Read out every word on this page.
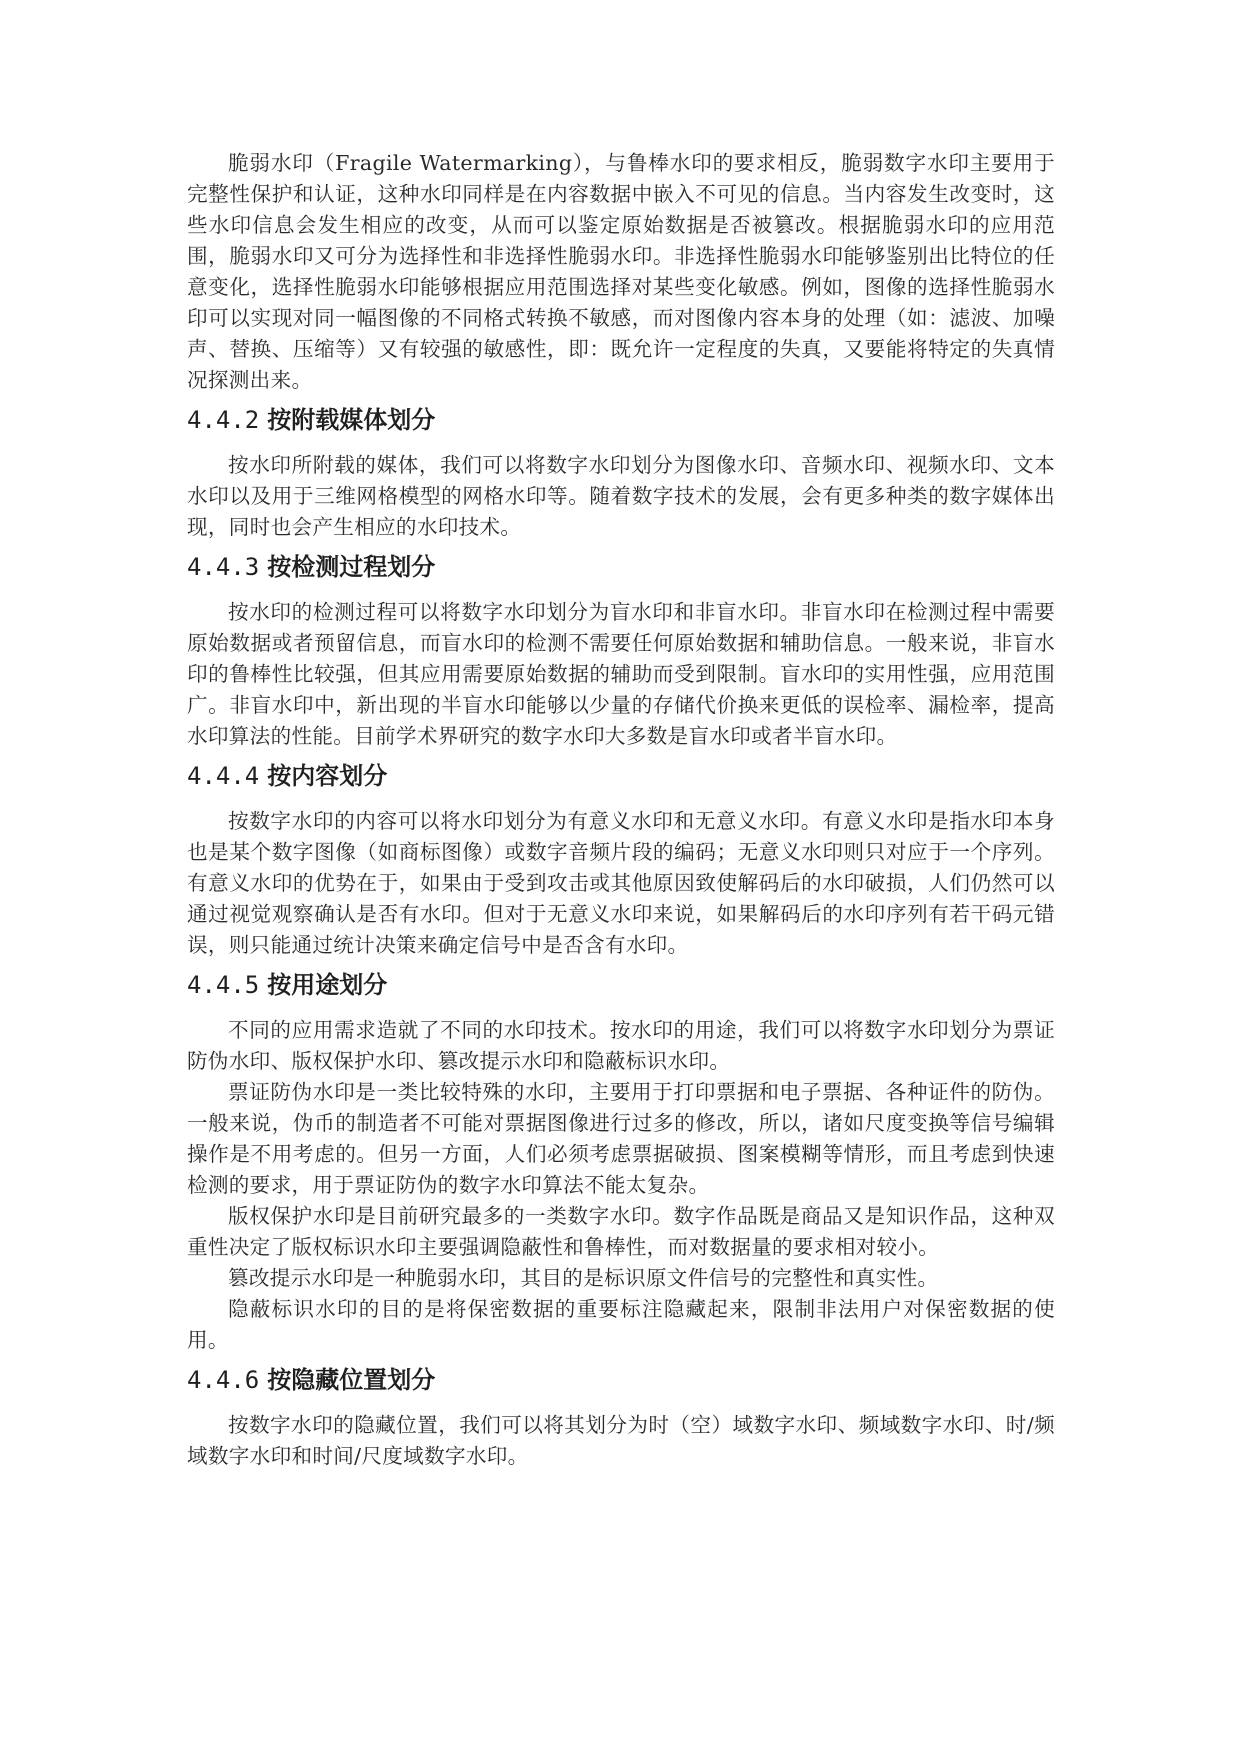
脆弱水印（Fragile Watermarking），与鲁棒水印的要求相反，脆弱数字水印主要用于完整性保护和认证，这种水印同样是在内容数据中嵌入不可见的信息。当内容发生改变时，这些水印信息会发生相应的改变，从而可以鉴定原始数据是否被篡改。根据脆弱水印的应用范围，脆弱水印又可分为选择性和非选择性脆弱水印。非选择性脆弱水印能够鉴别出比特位的任意变化，选择性脆弱水印能够根据应用范围选择对某些变化敏感。例如，图像的选择性脆弱水印可以实现对同一幅图像的不同格式转换不敏感，而对图像内容本身的处理（如：滤波、加噪声、替换、压缩等）又有较强的敏感性，即：既允许一定程度的失真，又要能将特定的失真情况探测出来。

4.4.2 按附载媒体划分

按水印所附载的媒体，我们可以将数字水印划分为图像水印、音频水印、视频水印、文本水印以及用于三维网格模型的网格水印等。随着数字技术的发展，会有更多种类的数字媒体出现，同时也会产生相应的水印技术。

4.4.3 按检测过程划分

按水印的检测过程可以将数字水印划分为盲水印和非盲水印。非盲水印在检测过程中需要原始数据或者预留信息，而盲水印的检测不需要任何原始数据和辅助信息。一般来说，非盲水印的鲁棒性比较强，但其应用需要原始数据的辅助而受到限制。盲水印的实用性强，应用范围广。非盲水印中，新出现的半盲水印能够以少量的存储代价换来更低的误检率、漏检率，提高水印算法的性能。目前学术界研究的数字水印大多数是盲水印或者半盲水印。

4.4.4 按内容划分

按数字水印的内容可以将水印划分为有意义水印和无意义水印。有意义水印是指水印本身也是某个数字图像（如商标图像）或数字音频片段的编码；无意义水印则只对应于一个序列。有意义水印的优势在于，如果由于受到攻击或其他原因致使解码后的水印破损，人们仍然可以通过视觉观察确认是否有水印。但对于无意义水印来说，如果解码后的水印序列有若干码元错误，则只能通过统计决策来确定信号中是否含有水印。

4.4.5 按用途划分

不同的应用需求造就了不同的水印技术。按水印的用途，我们可以将数字水印划分为票证防伪水印、版权保护水印、篡改提示水印和隐蔽标识水印。

票证防伪水印是一类比较特殊的水印，主要用于打印票据和电子票据、各种证件的防伪。一般来说，伪币的制造者不可能对票据图像进行过多的修改，所以，诸如尺度变换等信号编辑操作是不用考虑的。但另一方面，人们必须考虑票据破损、图案模糊等情形，而且考虑到快速检测的要求，用于票证防伪的数字水印算法不能太复杂。

版权保护水印是目前研究最多的一类数字水印。数字作品既是商品又是知识作品，这种双重性决定了版权标识水印主要强调隐蔽性和鲁棒性，而对数据量的要求相对较小。

篡改提示水印是一种脆弱水印，其目的是标识原文件信号的完整性和真实性。

隐蔽标识水印的目的是将保密数据的重要标注隐藏起来，限制非法用户对保密数据的使用。

4.4.6 按隐藏位置划分

按数字水印的隐藏位置，我们可以将其划分为时（空）域数字水印、频域数字水印、时/频域数字水印和时间/尺度域数字水印。
